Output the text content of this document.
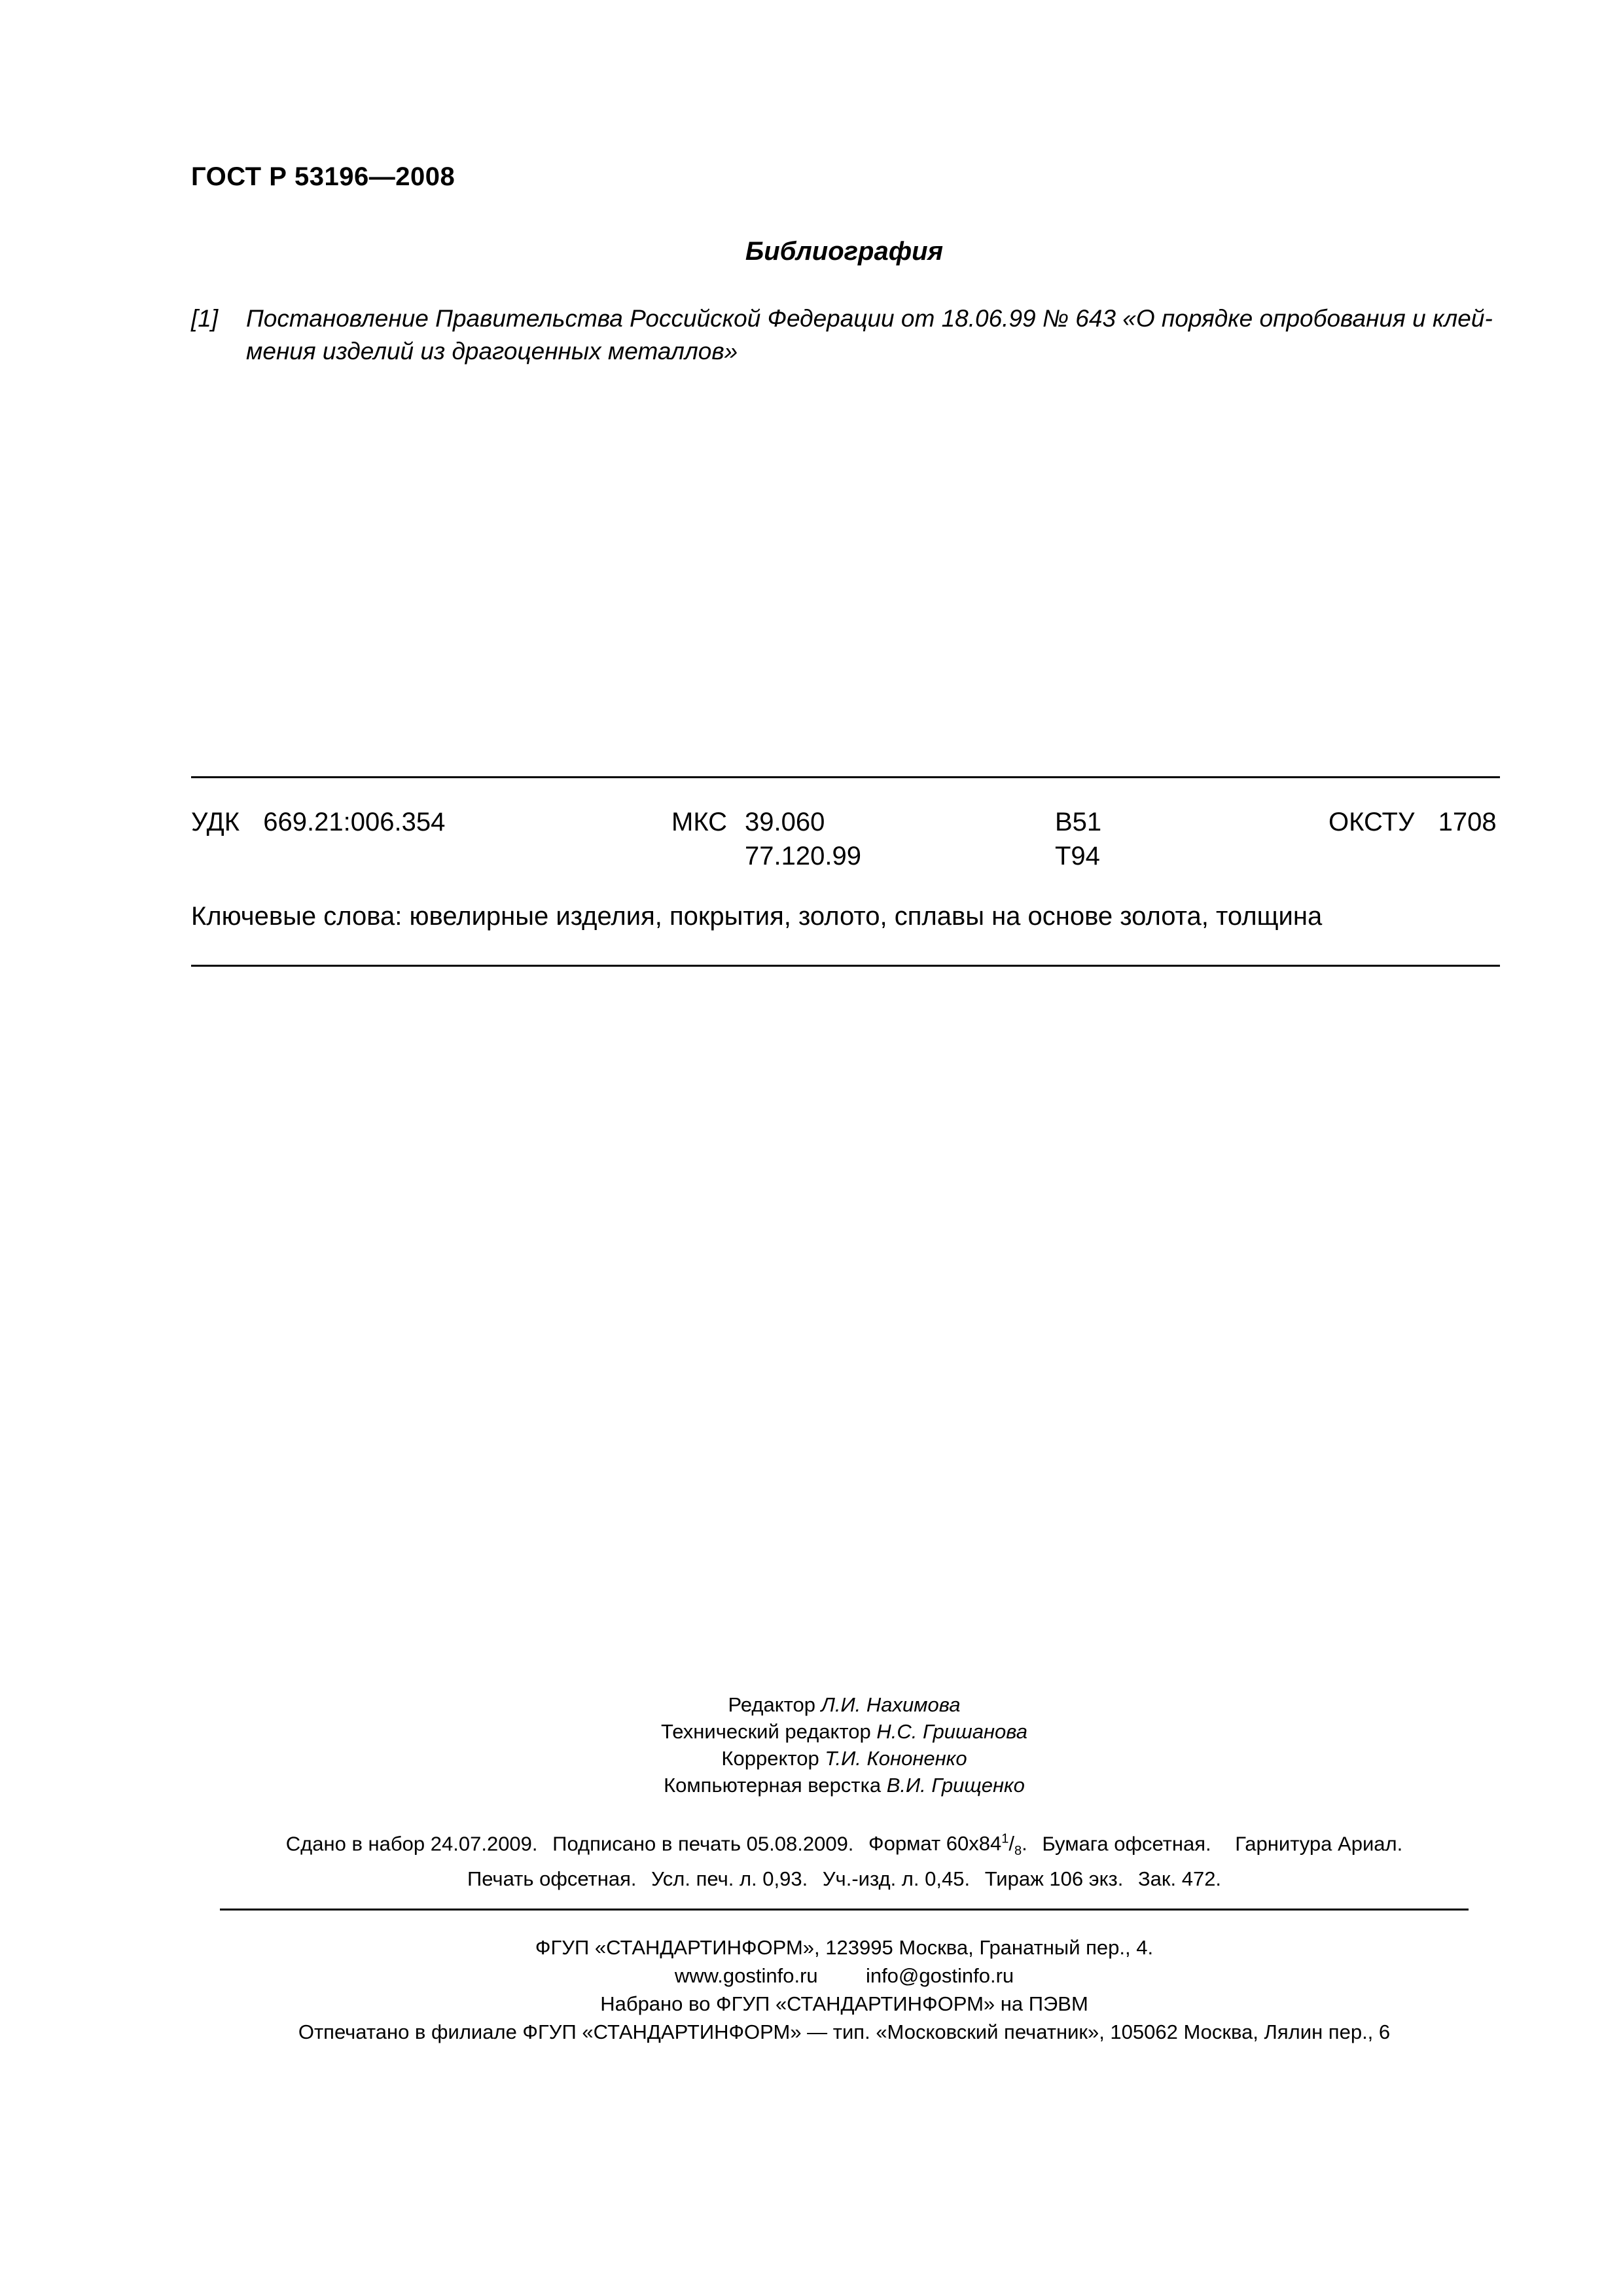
ГОСТ Р 53196—2008
Библиография
[1] Постановление Правительства Российской Федерации от 18.06.99 № 643 «О порядке опробования и клей-
мения изделий из драгоценных металлов»
УДК 669.21:006.354	МКС 39.060
77.120.99
В51
Т94
ОКСТУ 1708
Ключевые слова: ювелирные изделия, покрытия, золото, сплавы на основе золота, толщина
Редактор Л.И. Нахимова
Технический редактор Н.С. Гришанова
Корректор Т.И. Кононенко
Компьютерная верстка В.И. Грищенко
Сдано в набор 24.07.2009. Подписано в печать 05.08.2009. Формат $60x84^1/_8$. Бумага офсетная. Гарнитура Ариал.
Печать офсетная. Усл. печ. л. 0,93. Уч.-изд. л. 0,45. Тираж 106 экз. Зак. 472.
ФГУП «СТАНДАРТИНФОРМ», 123995 Москва, Гранатный пер., 4.
www.gostinfo.ru info@gostinfo.ru
Набрано во ФГУП «СТАНДАРТИНФОРМ» на ПЭВМ
Отпечатано в филиале ФГУП «СТАНДАРТИНФОРМ» — тип. «Московский печатник», 105062 Москва, Лялин пер., 6
